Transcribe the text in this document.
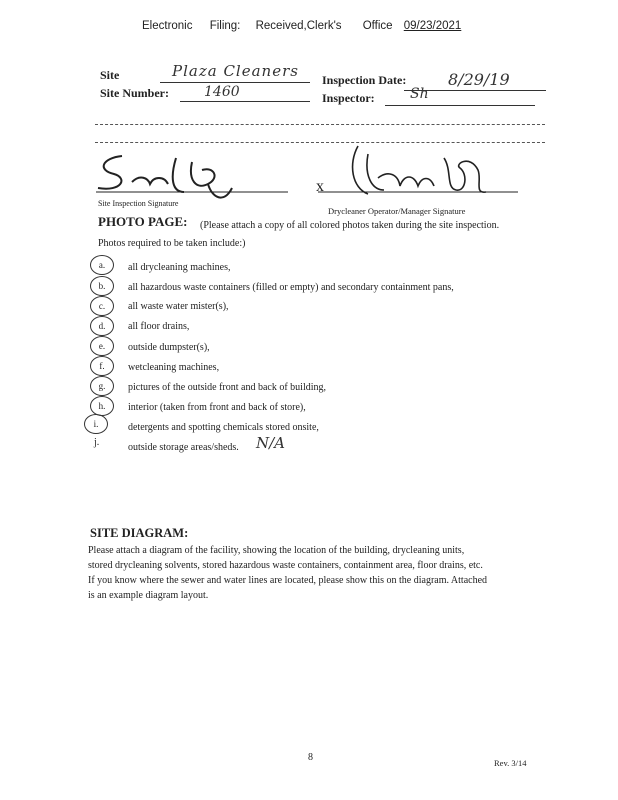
Electronic Filing: Received,Clerk's Office 09/23/2021
Site	Plaza Cleaners
Site Number:	1460
Inspection Date:	8/29/19
Inspector:	Sh
x
Site Inspection Signature
Drycleaner Operator/Manager Signature
PHOTO PAGE: (Please attach a copy of all colored photos taken during the site inspection.
Photos required to be taken include:)
a.	all drycleaning machines,
b.	all hazardous waste containers (filled or empty) and secondary containment pans,
c.	all waste water mister(s),
d.	all floor drains,
e.	outside dumpster(s),
f.	wetcleaning machines,
g.	pictures of the outside front and back of building,
h.	interior (taken from front and back of store),
i.	detergents and spotting chemicals stored onsite,
j.	outside storage areas/sheds. N/A
SITE DIAGRAM:
Please attach a diagram of the facility, showing the location of the building, drycleaning units,
stored drycleaning solvents, stored hazardous waste containers, containment area, floor drains, etc.
If you know where the sewer and water lines are located, please show this on the diagram. Attached
is an example diagram layout.
8	Rev. 3/14
